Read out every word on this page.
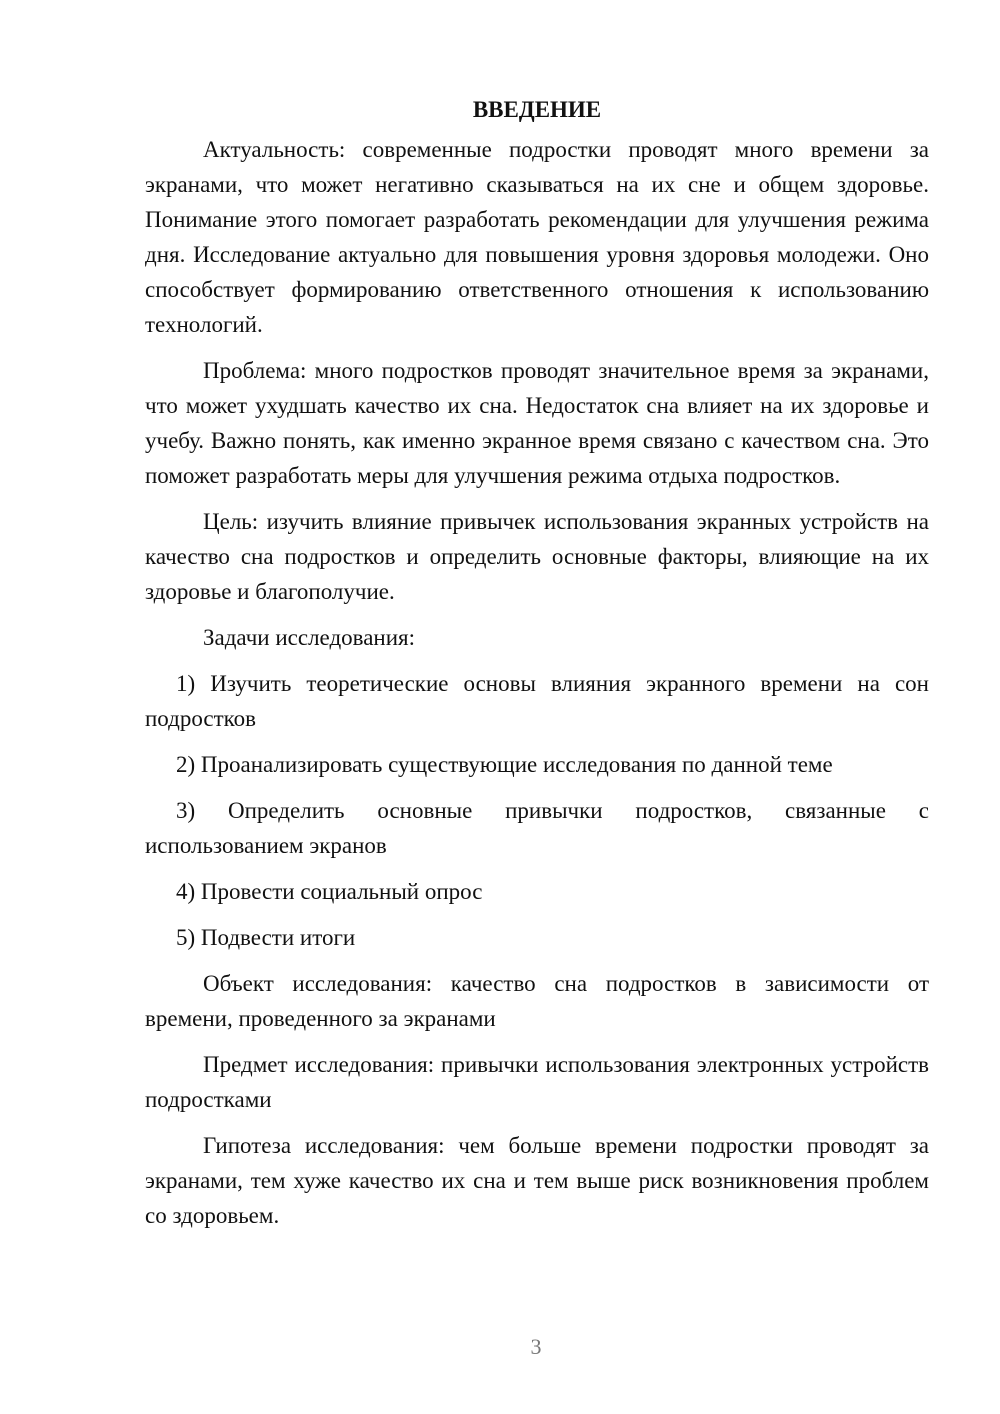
ВВЕДЕНИЕ

Актуальность: современные подростки проводят много времени за экранами, что может негативно сказываться на их сне и общем здоровье. Понимание этого помогает разработать рекомендации для улучшения режима дня. Исследование актуально для повышения уровня здоровья молодежи. Оно способствует формированию ответственного отношения к использованию технологий.

Проблема: много подростков проводят значительное время за экранами, что может ухудшать качество их сна. Недостаток сна влияет на их здоровье и учебу. Важно понять, как именно экранное время связано с качеством сна. Это поможет разработать меры для улучшения режима отдыха подростков.

Цель: изучить влияние привычек использования экранных устройств на качество сна подростков и определить основные факторы, влияющие на их здоровье и благополучие.

Задачи исследования:

1) Изучить теоретические основы влияния экранного времени на сон подростков

2) Проанализировать существующие исследования по данной теме

3) Определить основные привычки подростков, связанные с использованием экранов

4) Провести социальный опрос

5) Подвести итоги

Объект исследования: качество сна подростков в зависимости от времени, проведенного за экранами

Предмет исследования: привычки использования электронных устройств подростками

Гипотеза исследования: чем больше времени подростки проводят за экранами, тем хуже качество их сна и тем выше риск возникновения проблем со здоровьем.

3
